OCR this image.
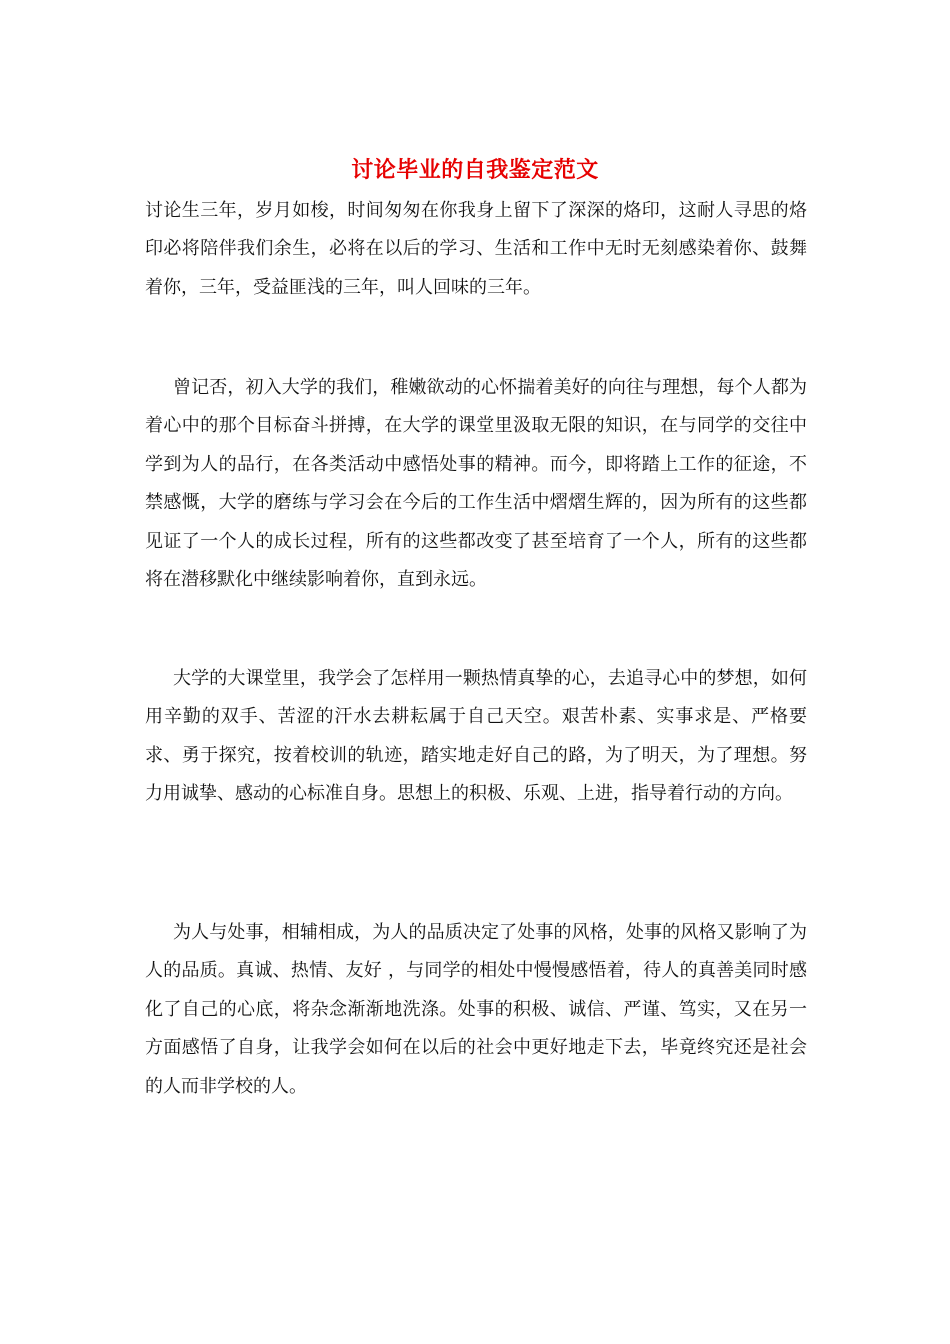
讨论毕业的自我鉴定范文

讨论生三年，岁月如梭，时间匆匆在你我身上留下了深深的烙印，这耐人寻思的烙印必将陪伴我们余生，必将在以后的学习、生活和工作中无时无刻感染着你、鼓舞着你，三年，受益匪浅的三年，叫人回味的三年。

曾记否，初入大学的我们，稚嫩欲动的心怀揣着美好的向往与理想，每个人都为着心中的那个目标奋斗拼搏，在大学的课堂里汲取无限的知识，在与同学的交往中学到为人的品行，在各类活动中感悟处事的精神。而今，即将踏上工作的征途，不禁感慨，大学的磨练与学习会在今后的工作生活中熠熠生辉的，因为所有的这些都见证了一个人的成长过程，所有的这些都改变了甚至培育了一个人，所有的这些都将在潜移默化中继续影响着你，直到永远。

大学的大课堂里，我学会了怎样用一颗热情真挚的心，去追寻心中的梦想，如何用辛勤的双手、苦涩的汗水去耕耘属于自己天空。艰苦朴素、实事求是、严格要求、勇于探究，按着校训的轨迹，踏实地走好自己的路，为了明天，为了理想。努力用诚挚、感动的心标准自身。思想上的积极、乐观、上进，指导着行动的方向。

为人与处事，相辅相成，为人的品质决定了处事的风格，处事的风格又影响了为人的品质。真诚、热情、友好 ，与同学的相处中慢慢感悟着，待人的真善美同时感化了自己的心底，将杂念渐渐地洗涤。处事的积极、诚信、严谨、笃实，又在另一方面感悟了自身，让我学会如何在以后的社会中更好地走下去，毕竟终究还是社会的人而非学校的人。
